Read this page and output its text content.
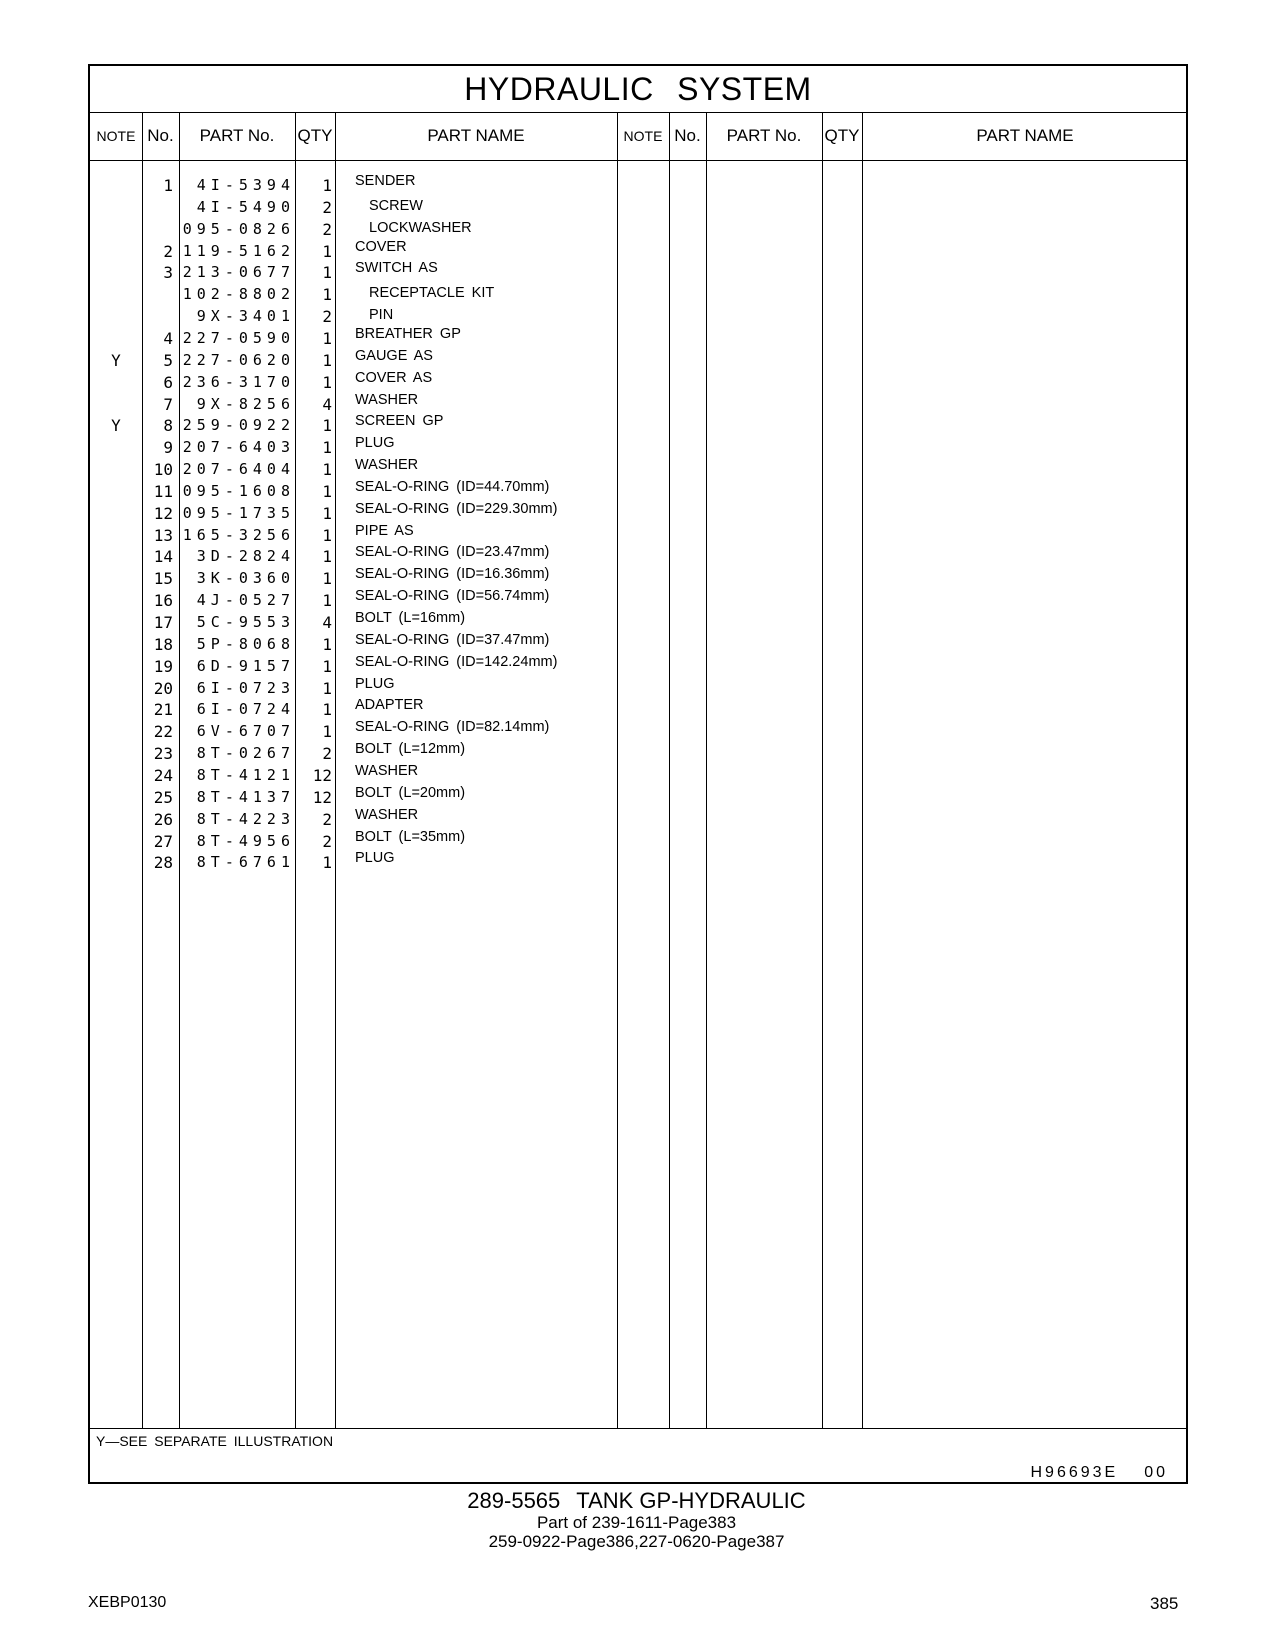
HYDRAULIC SYSTEM
NOTE No.	PART No.	QTY	PART NAME	NOTE No.	PART No.	QTY	PART NAME
1	4I-5394	1 SENDER
4I-5490	2	SCREW
095-0826	2	LOCKWASHER
2 119-5162	1 COVER
3 213-0677	1 SWITCH AS
102-8802	1	RECEPTACLE KIT
9X-3401	2	PIN
4 227-0590	1 BREATHER GP
Y	5 227-0620	1 GAUGE AS
6 236-3170	1 COVER AS
7	9X-8256	4 WASHER
Y	8 259-0922	1 SCREEN GP
9 207-6403	1 PLUG
10 207-6404	1 WASHER
11 095-1608	1 SEAL-O-RING (ID=44.70mm)
12 095-1735	1 SEAL-O-RING (ID=229.30mm)
13 165-3256	1 PIPE AS
14	3D-2824	1 SEAL-O-RING (ID=23.47mm)
15	3K-0360	1 SEAL-O-RING (ID=16.36mm)
16	4J-0527	1 SEAL-O-RING (ID=56.74mm)
17	5C-9553	4 BOLT (L=16mm)
18	5P-8068	1 SEAL-O-RING (ID=37.47mm)
19	6D-9157	1 SEAL-O-RING (ID=142.24mm)
20	6I-0723	1 PLUG
21	6I-0724	1 ADAPTER
22	6V-6707	1 SEAL-O-RING (ID=82.14mm)
23	8T-0267	2 BOLT (L=12mm)
24	8T-4121	12 WASHER
25	8T-4137	12 BOLT (L=20mm)
26	8T-4223	2 WASHER
27	8T-4956	2 BOLT (L=35mm)
28	8T-6761	1 PLUG
Y—SEE SEPARATE ILLUSTRATION
H96693E 00
289-5565 TANK GP-HYDRAULIC
Part of 239-1611-Page383
259-0922-Page386,227-0620-Page387
XEBP0130	385
